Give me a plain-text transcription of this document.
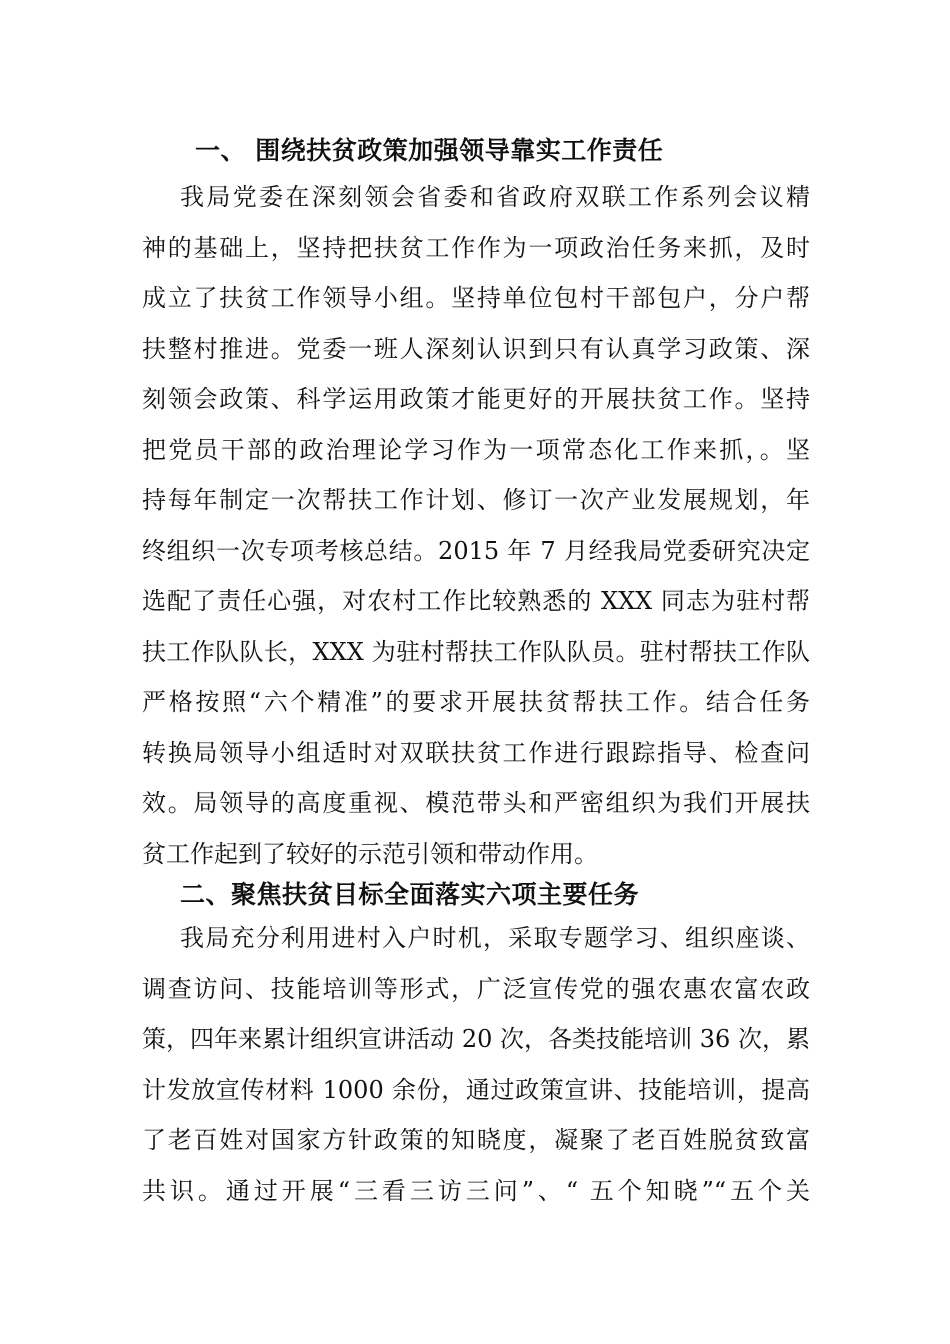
一、 围绕扶贫政策加强领导靠实工作责任
我局党委在深刻领会省委和省政府双联工作系列会议精
神的基础上，坚持把扶贫工作作为一项政治任务来抓，及时
成立了扶贫工作领导小组。坚持单位包村干部包户，分户帮
扶整村推进。党委一班人深刻认识到只有认真学习政策、深
刻领会政策、科学运用政策才能更好的开展扶贫工作。坚持
把党员干部的政治理论学习作为一项常态化工作来抓，。坚
持每年制定一次帮扶工作计划、修订一次产业发展规划，年
终组织一次专项考核总结。2015 年 7 月经我局党委研究决定
选配了责任心强，对农村工作比较熟悉的 XXX 同志为驻村帮
扶工作队队长，XXX 为驻村帮扶工作队队员。驻村帮扶工作队
严格按照“六个精准”的要求开展扶贫帮扶工作。结合任务
转换局领导小组适时对双联扶贫工作进行跟踪指导、检查问
效。局领导的高度重视、模范带头和严密组织为我们开展扶
贫工作起到了较好的示范引领和带动作用。
二、聚焦扶贫目标全面落实六项主要任务
我局充分利用进村入户时机，采取专题学习、组织座谈、
调查访问、技能培训等形式，广泛宣传党的强农惠农富农政
策，四年来累计组织宣讲活动 20 次，各类技能培训 36 次，累
计发放宣传材料 1000 余份，通过政策宣讲、技能培训，提高
了老百姓对国家方针政策的知晓度，凝聚了老百姓脱贫致富
共识。通过开展“三看三访三问”、“ 五个知晓”“五个关
